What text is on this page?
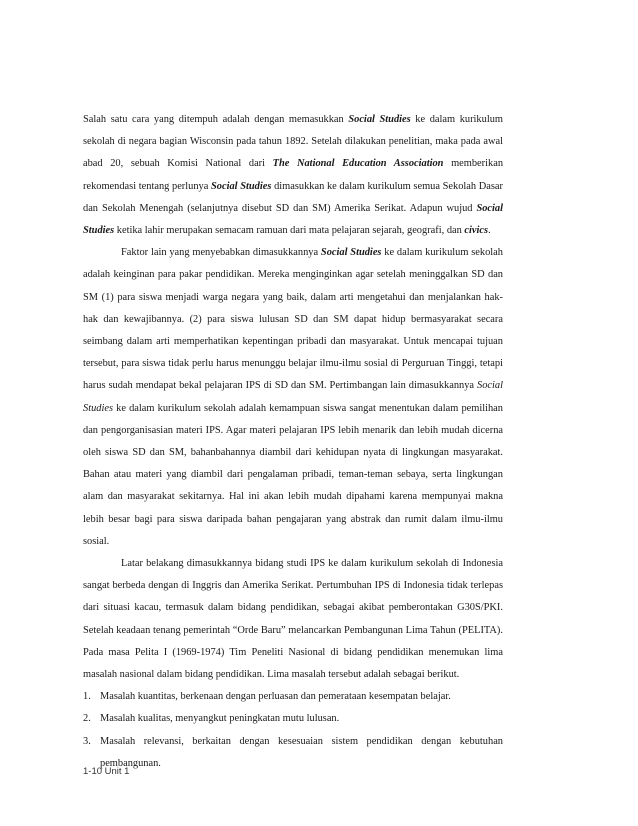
Salah satu cara yang ditempuh adalah dengan memasukkan Social Studies ke dalam kurikulum sekolah di negara bagian Wisconsin pada tahun 1892. Setelah dilakukan penelitian, maka pada awal abad 20, sebuah Komisi National dari The National Education Association memberikan rekomendasi tentang perlunya Social Studies dimasukkan ke dalam kurikulum semua Sekolah Dasar dan Sekolah Menengah (selanjutnya disebut SD dan SM) Amerika Serikat. Adapun wujud Social Studies ketika lahir merupakan semacam ramuan dari mata pelajaran sejarah, geografi, dan civics.

Faktor lain yang menyebabkan dimasukkannya Social Studies ke dalam kurikulum sekolah adalah keinginan para pakar pendidikan. Mereka menginginkan agar setelah meninggalkan SD dan SM (1) para siswa menjadi warga negara yang baik, dalam arti mengetahui dan menjalankan hak-hak dan kewajibannya. (2) para siswa lulusan SD dan SM dapat hidup bermasyarakat secara seimbang dalam arti memperhatikan kepentingan pribadi dan masyarakat. Untuk mencapai tujuan tersebut, para siswa tidak perlu harus menunggu belajar ilmu-ilmu sosial di Perguruan Tinggi, tetapi harus sudah mendapat bekal pelajaran IPS di SD dan SM. Pertimbangan lain dimasukkannya Social Studies ke dalam kurikulum sekolah adalah kemampuan siswa sangat menentukan dalam pemilihan dan pengorganisasian materi IPS. Agar materi pelajaran IPS lebih menarik dan lebih mudah dicerna oleh siswa SD dan SM, bahanbahannya diambil dari kehidupan nyata di lingkungan masyarakat. Bahan atau materi yang diambil dari pengalaman pribadi, teman-teman sebaya, serta lingkungan alam dan masyarakat sekitarnya. Hal ini akan lebih mudah dipahami karena mempunyai makna lebih besar bagi para siswa daripada bahan pengajaran yang abstrak dan rumit dalam ilmu-ilmu sosial.

Latar belakang dimasukkannya bidang studi IPS ke dalam kurikulum sekolah di Indonesia sangat berbeda dengan di Inggris dan Amerika Serikat. Pertumbuhan IPS di Indonesia tidak terlepas dari situasi kacau, termasuk dalam bidang pendidikan, sebagai akibat pemberontakan G30S/PKI. Setelah keadaan tenang pemerintah “Orde Baru” melancarkan Pembangunan Lima Tahun (PELITA). Pada masa Pelita I (1969-1974) Tim Peneliti Nasional di bidang pendidikan menemukan lima masalah nasional dalam bidang pendidikan. Lima masalah tersebut adalah sebagai berikut.

1. Masalah kuantitas, berkenaan dengan perluasan dan pemerataan kesempatan belajar.
2. Masalah kualitas, menyangkut peningkatan mutu lulusan.
3. Masalah relevansi, berkaitan dengan kesesuaian sistem pendidikan dengan kebutuhan pembangunan.
1-10 Unit 1
